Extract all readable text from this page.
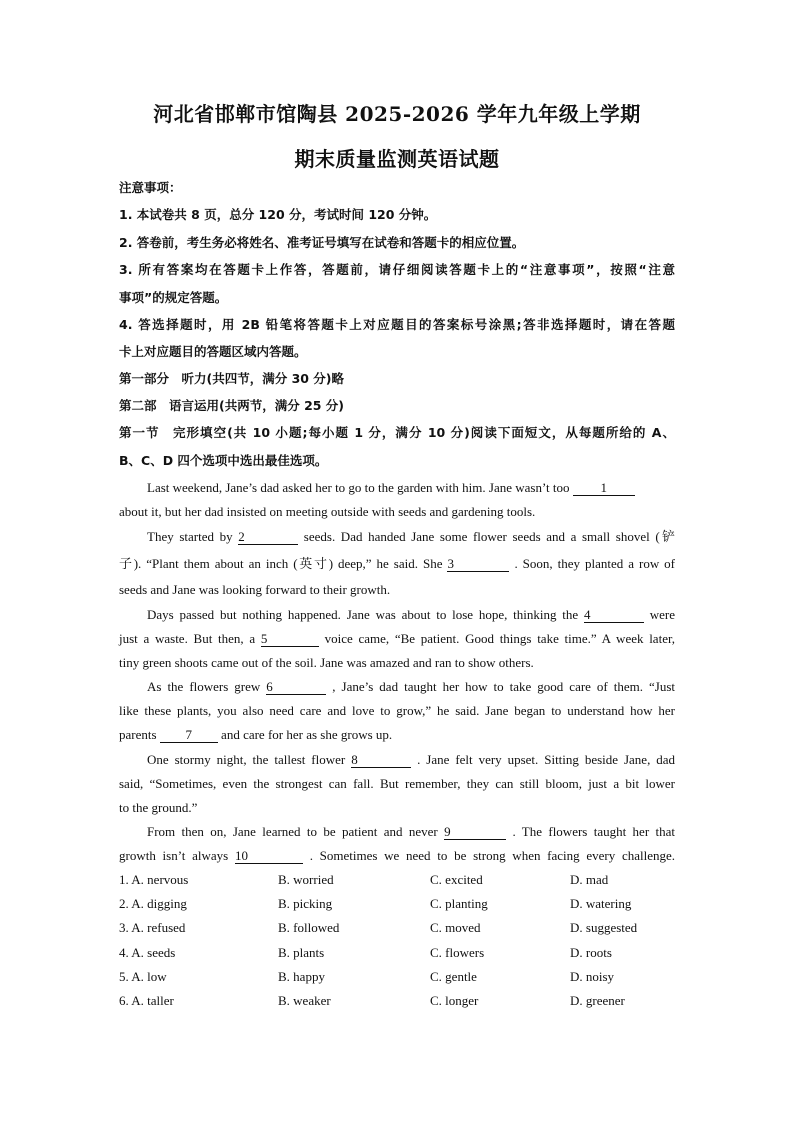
河北省邯郸市馆陶县 2025-2026 学年九年级上学期
期末质量监测英语试题
注意事项：
1. 本试卷共 8 页，总分 120 分，考试时间 120 分钟。
2. 答卷前，考生务必将姓名、准考证号填写在试卷和答题卡的相应位置。
3. 所有答案均在答题卡上作答，答题前，请仔细阅读答题卡上的“注意事项”，按照“注意
事项”的规定答题。
4. 答选择题时，用 2B 铅笔将答题卡上对应题目的答案标号涂黑;答非选择题时，请在答题
卡上对应题目的答题区域内答题。
第一部分　听力(共四节，满分 30 分)略
第二部　语言运用(共两节，满分 25 分)
第一节　完形填空(共 10 小题;每小题 1 分，满分 10 分)阅读下面短文，从每题所给的 A、
B、C、D 四个选项中选出最佳选项。
Last weekend, Jane’s dad asked her to go to the garden with him. Jane wasn’t too 1
about it, but her dad insisted on meeting outside with seeds and gardening tools.
They started by 2	seeds. Dad handed Jane some flower seeds and a small shovel (铲
子). “Plant them about an inch (英寸) deep,” he said. She 3	. Soon, they planted a row of
seeds and Jane was looking forward to their growth.
Days passed but nothing happened. Jane was about to lose hope, thinking the 4	were
just a waste. But then, a 5	voice came, “Be patient. Good things take time.” A week later,
tiny green shoots came out of the soil. Jane was amazed and ran to show others.
As the flowers grew 6	, Jane’s dad taught her how to take good care of them. “Just
like these plants, you also need care and love to grow,” he said. Jane began to understand how her
parents 7 and care for her as she grows up.
One stormy night, the tallest flower 8	. Jane felt very upset. Sitting beside Jane, dad
said, “Sometimes, even the strongest can fall. But remember, they can still bloom, just a bit lower
to the ground.”
From then on, Jane learned to be patient and never 9	. The flowers taught her that
growth isn’t always 10	. Sometimes we need to be strong when facing every challenge.
1. A. nervous	B. worried	C. excited	D. mad
2. A. digging	B. picking	C. planting	D. watering
3. A. refused	B. followed	C. moved	D. suggested
4. A. seeds	B. plants	C. flowers	D. roots
5. A. low	B. happy	C. gentle	D. noisy
6. A. taller	B. weaker	C. longer	D. greener
